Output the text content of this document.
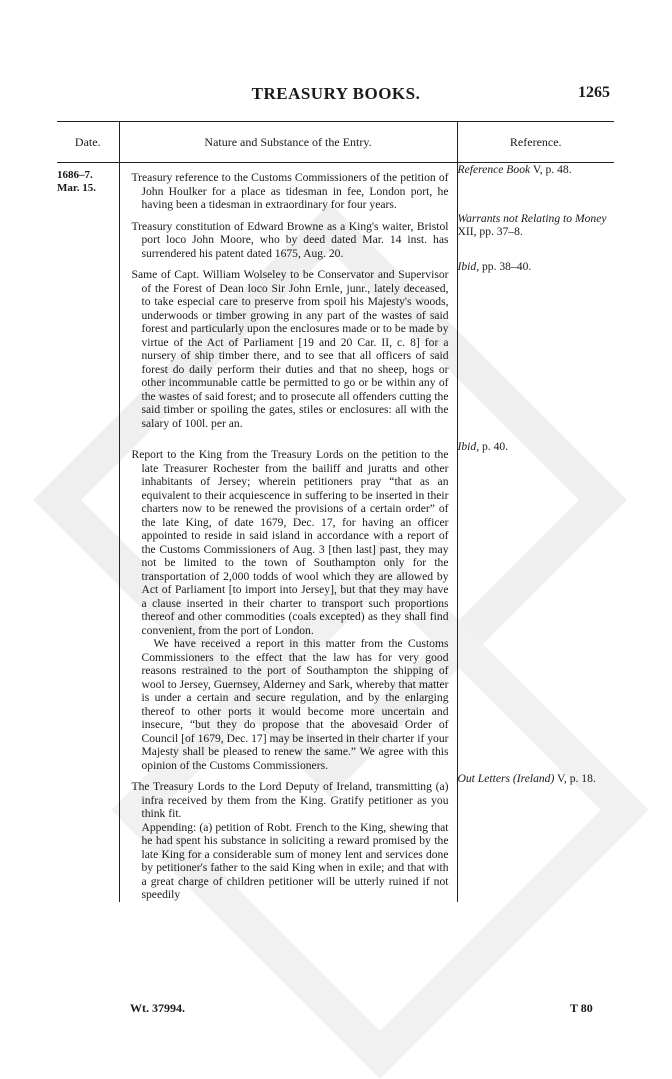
TREASURY BOOKS.	1265
Date.	Nature and Substance of the Entry.	Reference.

1686–7.
Mar. 15.	Treasury reference to the Customs Commissioners of the petition of John Houlker for a place as tidesman in fee, London port, he having been a tidesman in extraordinary for four years.	Reference Book V, p. 48.

	Treasury constitution of Edward Browne as a King's waiter, Bristol port loco John Moore, who by deed dated Mar. 14 inst. has surrendered his patent dated 1675, Aug. 20.	Warrants not Relating to Money XII, pp. 37–8.

	Same of Capt. William Wolseley to be Conservator and Supervisor of the Forest of Dean loco Sir John Ernle, junr., lately deceased, to take especial care to preserve from spoil his Majesty's woods, underwoods or timber growing in any part of the wastes of said forest and particularly upon the enclosures made or to be made by virtue of the Act of Parliament [19 and 20 Car. II, c. 8] for a nursery of ship timber there, and to see that all officers of said forest do daily perform their duties and that no sheep, hogs or other incommunable cattle be permitted to go or be within any of the wastes of said forest; and to prosecute all offenders cutting the said timber or spoiling the gates, stiles or enclosures: all with the salary of 100l. per an.	Ibid, pp. 38–40.

	Report to the King from the Treasury Lords on the petition to the late Treasurer Rochester from the bailiff and juratts and other inhabitants of Jersey; wherein petitioners pray “that as an equivalent to their acquiescence in suffering to be inserted in their charters now to be renewed the provisions of a certain order” of the late King, of date 1679, Dec. 17, for having an officer appointed to reside in said island in accordance with a report of the Customs Commissioners of Aug. 3 [then last] past, they may not be limited to the town of Southampton only for the transportation of 2,000 todds of wool which they are allowed by Act of Parliament [to import into Jersey], but that they may have a clause inserted in their charter to transport such proportions thereof and other commodities (coals excepted) as they shall find convenient, from the port of London.

We have received a report in this matter from the Customs Commissioners to the effect that the law has for very good reasons restrained to the port of Southampton the shipping of wool to Jersey, Guernsey, Alderney and Sark, whereby that matter is under a certain and secure regulation, and by the enlarging thereof to other ports it would become more uncertain and insecure, “but they do propose that the abovesaid Order of Council [of 1679, Dec. 17] may be inserted in their charter if your Majesty shall be pleased to renew the same.” We agree with this opinion of the Customs Commissioners.	Ibid, p. 40.

	The Treasury Lords to the Lord Deputy of Ireland, transmitting (a) infra received by them from the King. Gratify petitioner as you think fit.

Appending: (a) petition of Robt. French to the King, shewing that he had spent his substance in soliciting a reward promised by the late King for a considerable sum of money lent and services done by petitioner's father to the said King when in exile; and that with a great charge of children petitioner will be utterly ruined if not speedily	Out Letters (Ireland) V, p. 18.
Wt. 37994.	T 80
